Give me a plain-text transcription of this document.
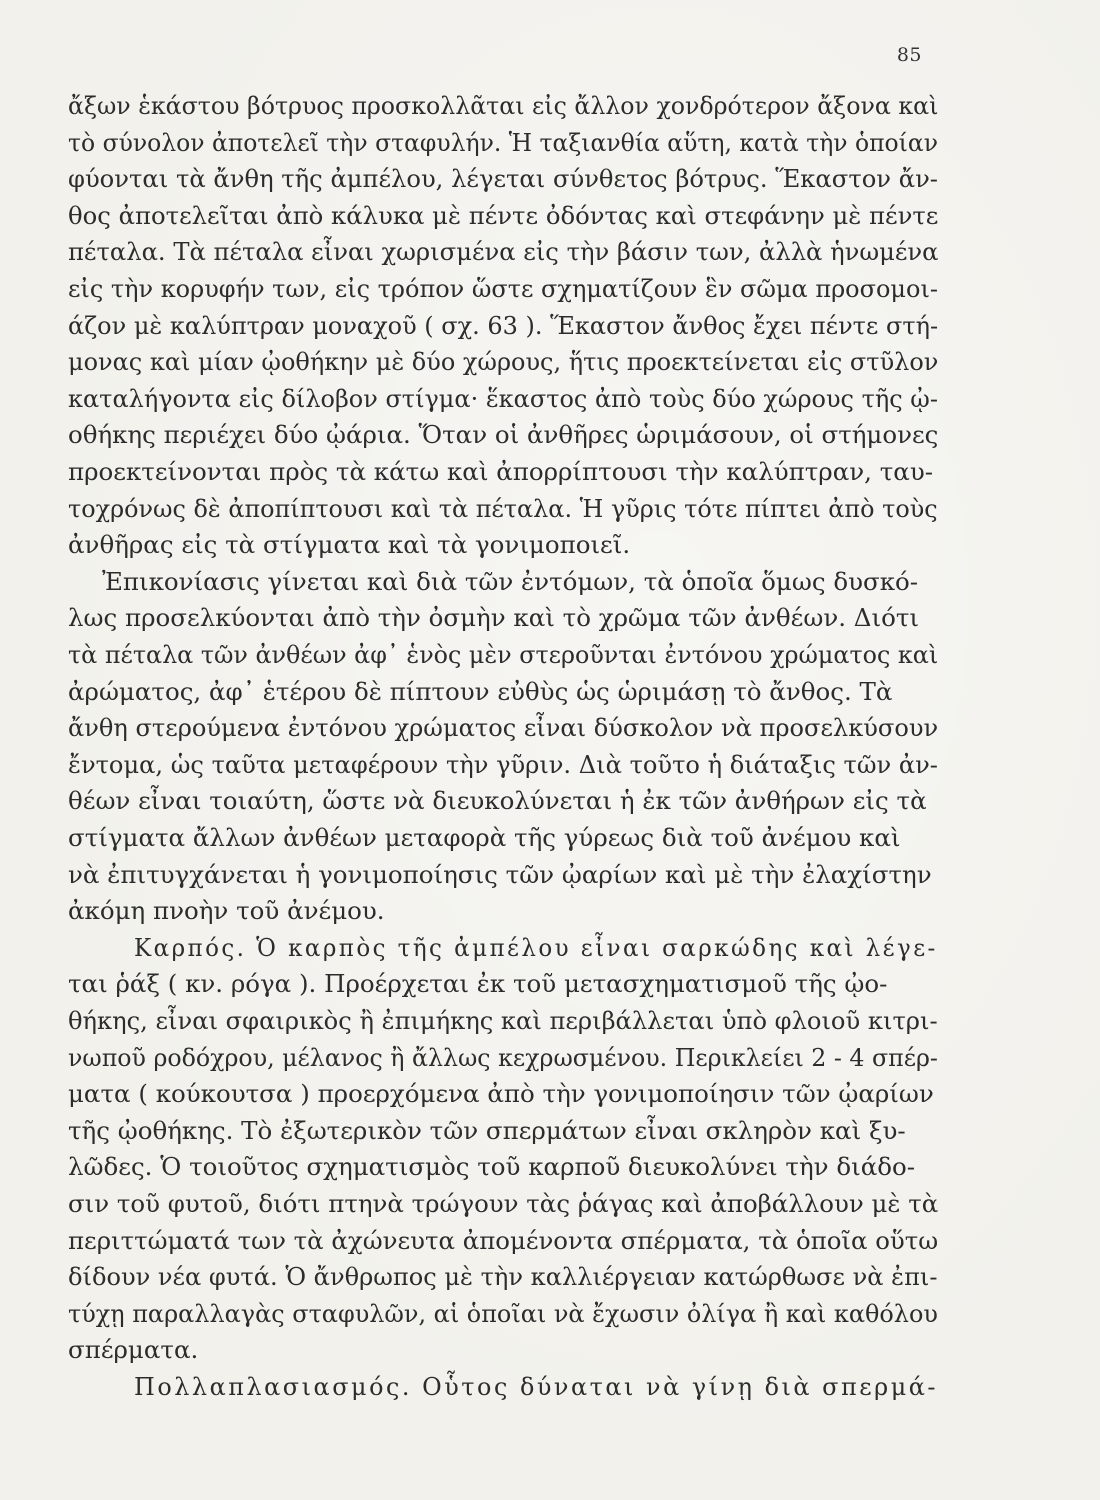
85
ἄξων ἑκάστου βότρυος προσκολλᾶται εἰς ἄλλον χονδρότερον ἄξονα καὶ
τὸ σύνολον ἀποτελεῖ τὴν σταφυλήν. Ἡ ταξιανθία αὕτη, κατὰ τὴν ὁποίαν
φύονται τὰ ἄνθη τῆς ἀμπέλου, λέγεται σύνθετος βότρυς. Ἕκαστον ἄν-
θος ἀποτελεῖται ἀπὸ κάλυκα μὲ πέντε ὀδόντας καὶ στεφάνην μὲ πέντε
πέταλα. Τὰ πέταλα εἶναι χωρισμένα εἰς τὴν βάσιν των, ἀλλὰ ἡνωμένα
εἰς τὴν κορυφήν των, εἰς τρόπον ὥστε σχηματίζουν ἓν σῶμα προσομοι-
άζον μὲ καλύπτραν μοναχοῦ ( σχ. 63 ). Ἕκαστον ἄνθος ἔχει πέντε στή-
μονας καὶ μίαν ᾠοθήκην μὲ δύο χώρους, ἥτις προεκτείνεται εἰς στῦλον
καταλήγοντα εἰς δίλοβον στίγμα· ἕκαστος ἀπὸ τοὺς δύο χώρους τῆς ᾠ-
οθήκης περιέχει δύο ᾠάρια. Ὅταν οἱ ἀνθῆρες ὡριμάσουν, οἱ στήμονες
προεκτείνονται πρὸς τὰ κάτω καὶ ἀπορρίπτουσι τὴν καλύπτραν, ταυ-
τοχρόνως δὲ ἀποπίπτουσι καὶ τὰ πέταλα. Ἡ γῦρις τότε πίπτει ἀπὸ τοὺς
ἀνθῆρας εἰς τὰ στίγματα καὶ τὰ γονιμοποιεῖ.
Ἐπικονίασις γίνεται καὶ διὰ τῶν ἐντόμων, τὰ ὁποῖα ὅμως δυσκό-
λως προσελκύονται ἀπὸ τὴν ὀσμὴν καὶ τὸ χρῶμα τῶν ἀνθέων. Διότι
τὰ πέταλα τῶν ἀνθέων ἀφ᾽ ἑνὸς μὲν στεροῦνται ἐντόνου χρώματος καὶ
ἀρώματος, ἀφ᾽ ἑτέρου δὲ πίπτουν εὐθὺς ὡς ὡριμάσῃ τὸ ἄνθος. Τὰ
ἄνθη στερούμενα ἐντόνου χρώματος εἶναι δύσκολον νὰ προσελκύσουν
ἔντομα, ὡς ταῦτα μεταφέρουν τὴν γῦριν. Διὰ τοῦτο ἡ διάταξις τῶν ἀν-
θέων εἶναι τοιαύτη, ὥστε νὰ διευκολύνεται ἡ ἐκ τῶν ἀνθήρων εἰς τὰ
στίγματα ἄλλων ἀνθέων μεταφορὰ τῆς γύρεως διὰ τοῦ ἀνέμου καὶ
νὰ ἐπιτυγχάνεται ἡ γονιμοποίησις τῶν ᾠαρίων καὶ μὲ τὴν ἐλαχίστην
ἀκόμη πνοὴν τοῦ ἀνέμου.
Καρπός. Ὁ καρπὸς τῆς ἀμπέλου εἶναι σαρκώδης καὶ λέγε-
ται ῥάξ ( κν. ρόγα ). Προέρχεται ἐκ τοῦ μετασχηματισμοῦ τῆς ᾠο-
θήκης, εἶναι σφαιρικὸς ἢ ἐπιμήκης καὶ περιβάλλεται ὑπὸ φλοιοῦ κιτρι-
νωποῦ ροδόχρου, μέλανος ἢ ἄλλως κεχρωσμένου. Περικλείει 2 - 4 σπέρ-
ματα ( κούκουτσα ) προερχόμενα ἀπὸ τὴν γονιμοποίησιν τῶν ᾠαρίων
τῆς ᾠοθήκης. Τὸ ἐξωτερικὸν τῶν σπερμάτων εἶναι σκληρὸν καὶ ξυ-
λῶδες. Ὁ τοιοῦτος σχηματισμὸς τοῦ καρποῦ διευκολύνει τὴν διάδο-
σιν τοῦ φυτοῦ, διότι πτηνὰ τρώγουν τὰς ῥάγας καὶ ἀποβάλλουν μὲ τὰ
περιττώματά των τὰ ἀχώνευτα ἀπομένοντα σπέρματα, τὰ ὁποῖα οὕτω
δίδουν νέα φυτά. Ὁ ἄνθρωπος μὲ τὴν καλλιέργειαν κατώρθωσε νὰ ἐπι-
τύχῃ παραλλαγὰς σταφυλῶν, αἱ ὁποῖαι νὰ ἔχωσιν ὀλίγα ἢ καὶ καθόλου
σπέρματα.
Πολλαπλασιασμός. Οὗτος δύναται νὰ γίνῃ διὰ σπερμά-
